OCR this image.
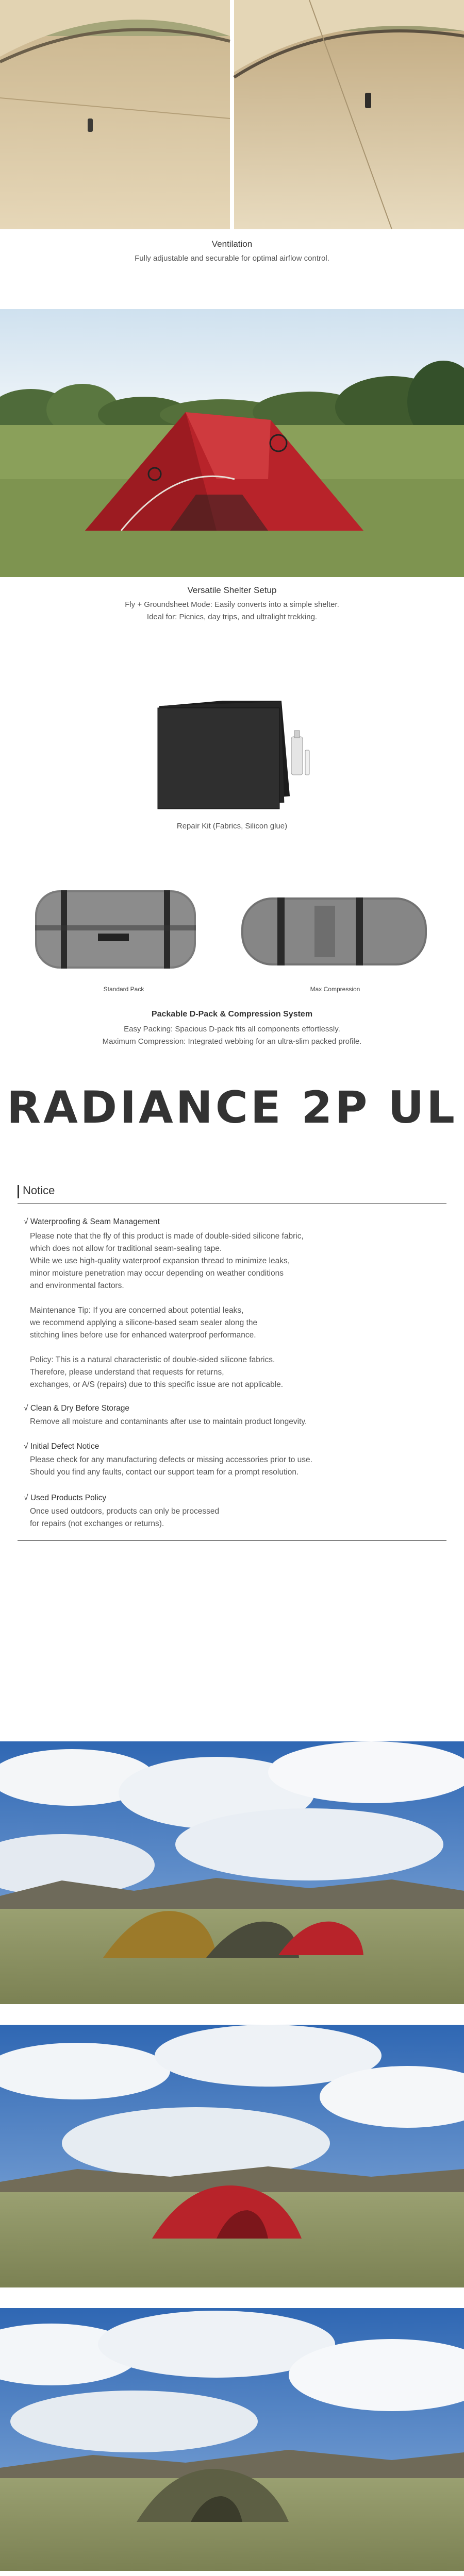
Ventilation
Fully adjustable and securable for optimal airflow control.
Versatile Shelter Setup
Fly + Groundsheet Mode: Easily converts into a simple shelter.
Ideal for: Picnics, day trips, and ultralight trekking.
Repair Kit (Fabrics, Silicon glue)
Standard Pack	Max Compression
Packable D-Pack & Compression System
Easy Packing: Spacious D-pack fits all components effortlessly.
Maximum Compression: Integrated webbing for an ultra-slim packed profile.
RADIANCE 2P UL
Notice
√ Waterproofing & Seam Management
Please note that the fly of this product is made of double-sided silicone fabric,
which does not allow for traditional seam-sealing tape.
While we use high-quality waterproof expansion thread to minimize leaks,
minor moisture penetration may occur depending on weather conditions
and environmental factors.
Maintenance Tip: If you are concerned about potential leaks,
we recommend applying a silicone-based seam sealer along the
stitching lines before use for enhanced waterproof performance.
Policy: This is a natural characteristic of double-sided silicone fabrics.
Therefore, please understand that requests for returns,
exchanges, or A/S (repairs) due to this specific issue are not applicable.
√ Clean & Dry Before Storage
Remove all moisture and contaminants after use to maintain product longevity.
√ Initial Defect Notice
Please check for any manufacturing defects or missing accessories prior to use.
Should you find any faults, contact our support team for a prompt resolution.
√ Used Products Policy
Once used outdoors, products can only be processed
for repairs (not exchanges or returns).
